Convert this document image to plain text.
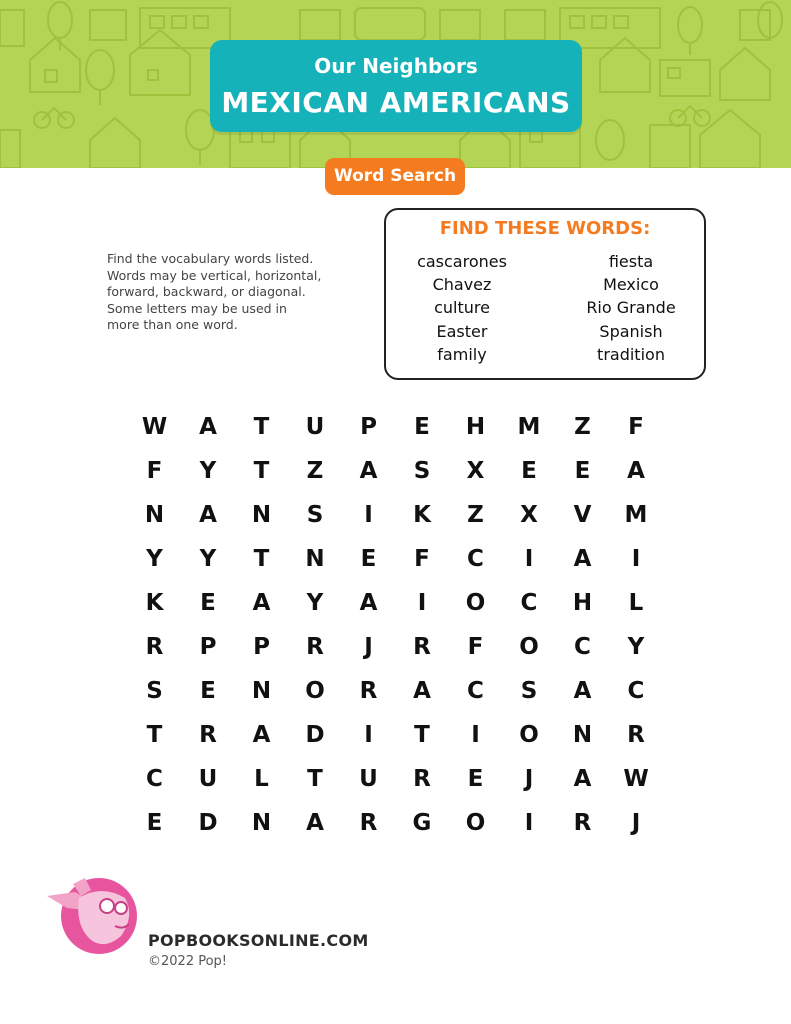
Our Neighbors
MEXICAN AMERICANS
Word Search
Find the vocabulary words listed. Words may be vertical, horizontal, forward, backward, or diagonal. Some letters may be used in more than one word.
FIND THESE WORDS:
cascarones
Chavez
culture
Easter
family
fiesta
Mexico
Rio Grande
Spanish
tradition
W	A	T	U	P	E	H	M	Z	F
F	Y	T	Z	A	S	X	E	E	A
N	A	N	S	I	K	Z	X	V	M
Y	Y	T	N	E	F	C	I	A	I
K	E	A	Y	A	I	O	C	H	L
R	P	P	R	J	R	F	O	C	Y
S	E	N	O	R	A	C	S	A	C
T	R	A	D	I	T	I	O	N	R
C	U	L	T	U	R	E	J	A	W
E	D	N	A	R	G	O	I	R	J
POPBOOKSONLINE.COM
©2022 Pop!
